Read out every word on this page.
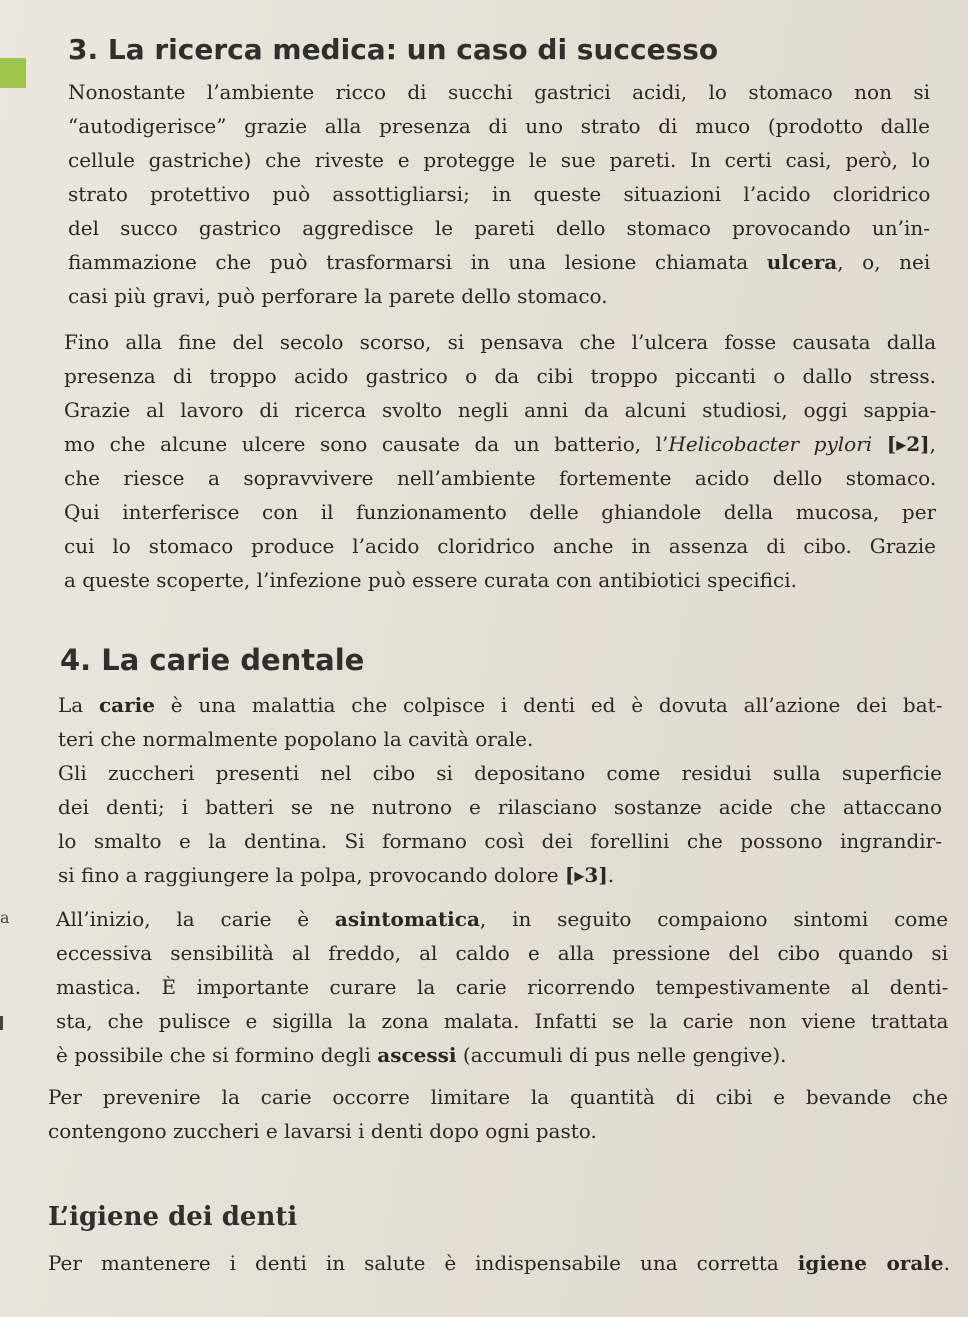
a
3. La ricerca medica: un caso di successo

Nonostante l’ambiente ricco di succhi gastrici acidi, lo stomaco non si
“autodigerisce” grazie alla presenza di uno strato di muco (prodotto dalle
cellule gastriche) che riveste e protegge le sue pareti. In certi casi, però, lo
strato protettivo può assottigliarsi; in queste situazioni l’acido cloridrico
del succo gastrico aggredisce le pareti dello stomaco provocando un’in-
fiammazione che può trasformarsi in una lesione chiamata ulcera, o, nei
casi più gravi, può perforare la parete dello stomaco.

Fino alla fine del secolo scorso, si pensava che l’ulcera fosse causata dalla
presenza di troppo acido gastrico o da cibi troppo piccanti o dallo stress.
Grazie al lavoro di ricerca svolto negli anni da alcuni studiosi, oggi sappia-
mo che alcune ulcere sono causate da un batterio, l’Helicobacter pylori [▸2],
che riesce a sopravvivere nell’ambiente fortemente acido dello stomaco.
Qui interferisce con il funzionamento delle ghiandole della mucosa, per
cui lo stomaco produce l’acido cloridrico anche in assenza di cibo. Grazie
a queste scoperte, l’infezione può essere curata con antibiotici specifici.

4. La carie dentale

La carie è una malattia che colpisce i denti ed è dovuta all’azione dei bat-
teri che normalmente popolano la cavità orale.
Gli zuccheri presenti nel cibo si depositano come residui sulla superficie
dei denti; i batteri se ne nutrono e rilasciano sostanze acide che attaccano
lo smalto e la dentina. Si formano così dei forellini che possono ingrandir-
si fino a raggiungere la polpa, provocando dolore [▸3].

All’inizio, la carie è asintomatica, in seguito compaiono sintomi come
eccessiva sensibilità al freddo, al caldo e alla pressione del cibo quando si
mastica. È importante curare la carie ricorrendo tempestivamente al denti-
sta, che pulisce e sigilla la zona malata. Infatti se la carie non viene trattata
è possibile che si formino degli ascessi (accumuli di pus nelle gengive).

Per prevenire la carie occorre limitare la quantità di cibi e bevande che
contengono zuccheri e lavarsi i denti dopo ogni pasto.

L’igiene dei denti

Per mantenere i denti in salute è indispensabile una corretta igiene orale.
